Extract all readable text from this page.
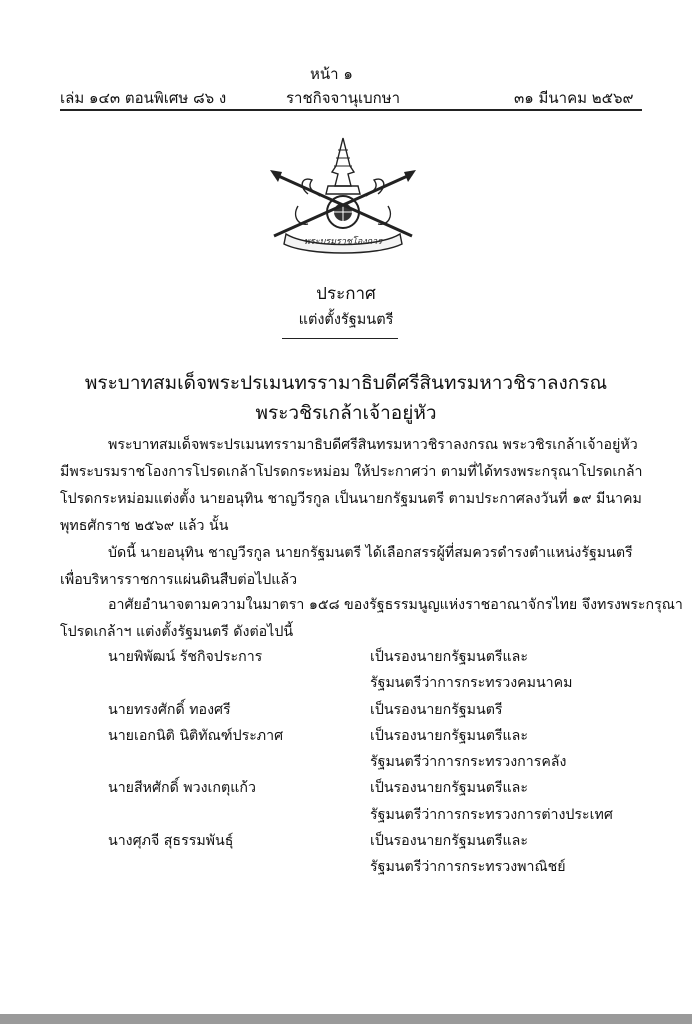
หน้า ๑
เล่ม ๑๔๓ ตอนพิเศษ ๘๖ ง	ราชกิจจานุเบกษา	๓๑ มีนาคม ๒๕๖๙
พระบรมราชโองการ
ประกาศ
แต่งตั้งรัฐมนตรี
พระบาทสมเด็จพระปรเมนทรรามาธิบดีศรีสินทรมหาวชิราลงกรณ
พระวชิรเกล้าเจ้าอยู่หัว

พระบาทสมเด็จพระปรเมนทรรามาธิบดีศรีสินทรมหาวชิราลงกรณ พระวชิรเกล้าเจ้าอยู่หัว

มีพระบรมราชโองการโปรดเกล้าโปรดกระหม่อม ให้ประกาศว่า ตามที่ได้ทรงพระกรุณาโปรดเกล้า

โปรดกระหม่อมแต่งตั้ง นายอนุทิน ชาญวีรกูล เป็นนายกรัฐมนตรี ตามประกาศลงวันที่ ๑๙ มีนาคม

พุทธศักราช ๒๕๖๙ แล้ว นั้น

บัดนี้ นายอนุทิน ชาญวีรกูล นายกรัฐมนตรี ได้เลือกสรรผู้ที่สมควรดำรงตำแหน่งรัฐมนตรี

เพื่อบริหารราชการแผ่นดินสืบต่อไปแล้ว

อาศัยอำนาจตามความในมาตรา ๑๕๘ ของรัฐธรรมนูญแห่งราชอาณาจักรไทย จึงทรงพระกรุณา

โปรดเกล้าฯ แต่งตั้งรัฐมนตรี ดังต่อไปนี้

นายพิพัฒน์ รัชกิจประการ	เป็นรองนายกรัฐมนตรีและ
รัฐมนตรีว่าการกระทรวงคมนาคม
นายทรงศักดิ์ ทองศรี	เป็นรองนายกรัฐมนตรี
นายเอกนิติ นิติทัณฑ์ประภาศ	เป็นรองนายกรัฐมนตรีและ
รัฐมนตรีว่าการกระทรวงการคลัง
นายสีหศักดิ์ พวงเกตุแก้ว	เป็นรองนายกรัฐมนตรีและ
รัฐมนตรีว่าการกระทรวงการต่างประเทศ
นางศุภจี สุธรรมพันธุ์	เป็นรองนายกรัฐมนตรีและ
รัฐมนตรีว่าการกระทรวงพาณิชย์
